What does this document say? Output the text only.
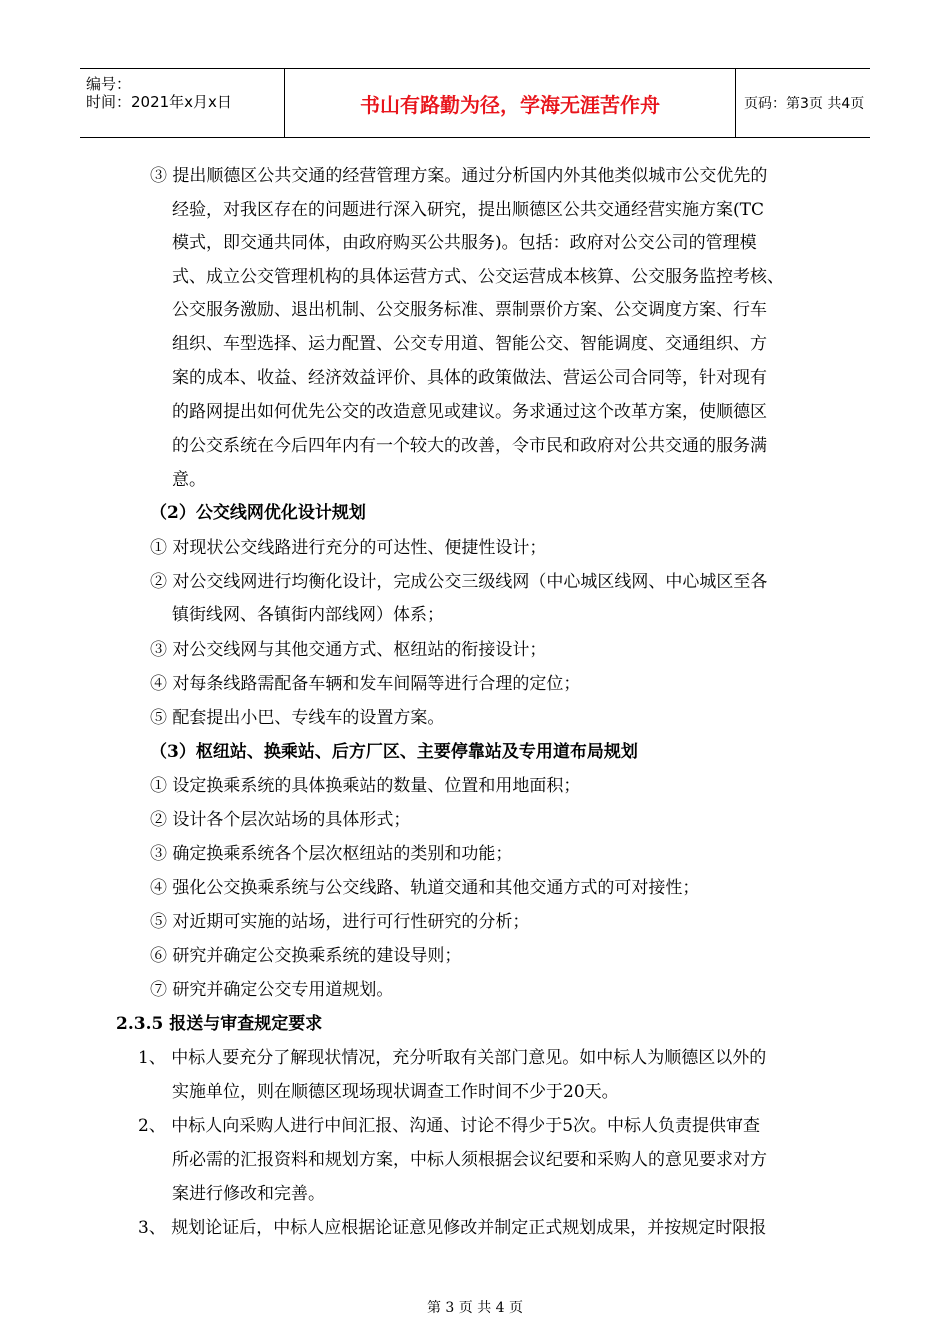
编号：
时间：2021年x月x日	书山有路勤为径，学海无涯苦作舟	页码：第3页 共4页
③ 提出顺德区公共交通的经营管理方案。通过分析国内外其他类似城市公交优先的
经验，对我区存在的问题进行深入研究，提出顺德区公共交通经营实施方案(TC
模式，即交通共同体，由政府购买公共服务)。包括：政府对公交公司的管理模
式、成立公交管理机构的具体运营方式、公交运营成本核算、公交服务监控考核、
公交服务激励、退出机制、公交服务标准、票制票价方案、公交调度方案、行车
组织、车型选择、运力配置、公交专用道、智能公交、智能调度、交通组织、方
案的成本、收益、经济效益评价、具体的政策做法、营运公司合同等，针对现有
的路网提出如何优先公交的改造意见或建议。务求通过这个改革方案，使顺德区
的公交系统在今后四年内有一个较大的改善，令市民和政府对公共交通的服务满
意。
（2）公交线网优化设计规划
① 对现状公交线路进行充分的可达性、便捷性设计；
② 对公交线网进行均衡化设计，完成公交三级线网（中心城区线网、中心城区至各
镇街线网、各镇街内部线网）体系；
③ 对公交线网与其他交通方式、枢纽站的衔接设计；
④ 对每条线路需配备车辆和发车间隔等进行合理的定位；
⑤ 配套提出小巴、专线车的设置方案。
（3）枢纽站、换乘站、后方厂区、主要停靠站及专用道布局规划
① 设定换乘系统的具体换乘站的数量、位置和用地面积；
② 设计各个层次站场的具体形式；
③ 确定换乘系统各个层次枢纽站的类别和功能；
④ 强化公交换乘系统与公交线路、轨道交通和其他交通方式的可对接性；
⑤ 对近期可实施的站场，进行可行性研究的分析；
⑥ 研究并确定公交换乘系统的建设导则；
⑦ 研究并确定公交专用道规划。
2.3.5 报送与审查规定要求
1、 中标人要充分了解现状情况，充分听取有关部门意见。如中标人为顺德区以外的
实施单位，则在顺德区现场现状调查工作时间不少于20天。
2、 中标人向采购人进行中间汇报、沟通、讨论不得少于5次。中标人负责提供审查
所必需的汇报资料和规划方案，中标人须根据会议纪要和采购人的意见要求对方
案进行修改和完善。
3、 规划论证后，中标人应根据论证意见修改并制定正式规划成果，并按规定时限报
第 3 页 共 4 页
